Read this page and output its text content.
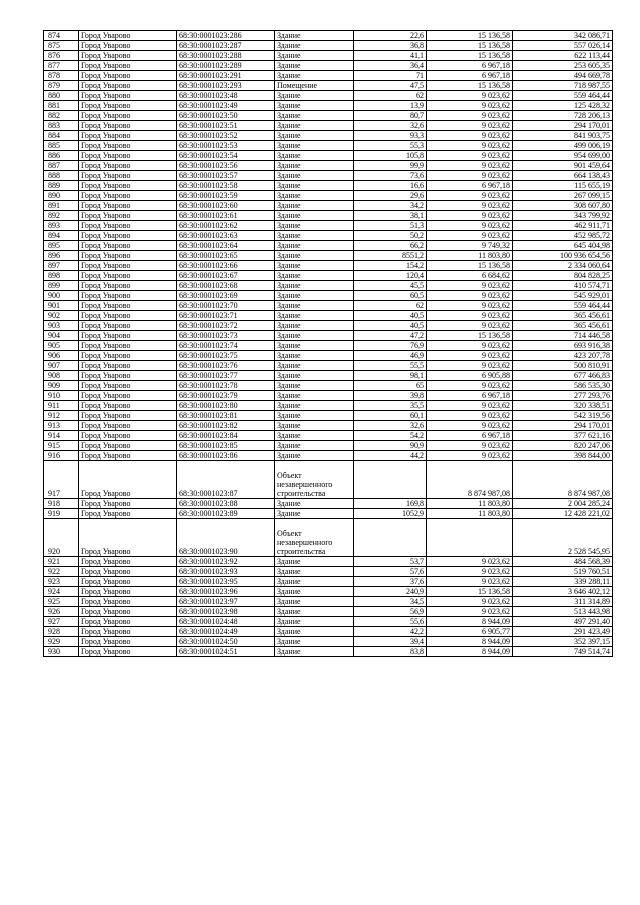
874	Город Уварово	68:30:0001023:286	Здание	22,6	15 136,58	342 086,71
875	Город Уварово	68:30:0001023:287	Здание	36,8	15 136,58	557 026,14
876	Город Уварово	68:30:0001023:288	Здание	41,1	15 136,58	622 113,44
877	Город Уварово	68:30:0001023:289	Здание	36,4	6 967,18	253 605,35
878	Город Уварово	68:30:0001023:291	Здание	71	6 967,18	494 669,78
879	Город Уварово	68:30:0001023:293	Помещение	47,5	15 136,58	718 987,55
880	Город Уварово	68:30:0001023:48	Здание	62	9 023,62	559 464,44
881	Город Уварово	68:30:0001023:49	Здание	13,9	9 023,62	125 428,32
882	Город Уварово	68:30:0001023:50	Здание	80,7	9 023,62	728 206,13
883	Город Уварово	68:30:0001023:51	Здание	32,6	9 023,62	294 170,01
884	Город Уварово	68:30:0001023:52	Здание	93,3	9 023,62	841 903,75
885	Город Уварово	68:30:0001023:53	Здание	55,3	9 023,62	499 006,19
886	Город Уварово	68:30:0001023:54	Здание	105,8	9 023,62	954 699,00
887	Город Уварово	68:30:0001023:56	Здание	99,9	9 023,62	901 459,64
888	Город Уварово	68:30:0001023:57	Здание	73,6	9 023,62	664 138,43
889	Город Уварово	68:30:0001023:58	Здание	16,6	6 967,18	115 655,19
890	Город Уварово	68:30:0001023:59	Здание	29,6	9 023,62	267 099,15
891	Город Уварово	68:30:0001023:60	Здание	34,2	9 023,62	308 607,80
892	Город Уварово	68:30:0001023:61	Здание	38,1	9 023,62	343 799,92
893	Город Уварово	68:30:0001023:62	Здание	51,3	9 023,62	462 911,71
894	Город Уварово	68:30:0001023:63	Здание	50,2	9 023,62	452 985,72
895	Город Уварово	68:30:0001023:64	Здание	66,2	9 749,32	645 404,98
896	Город Уварово	68:30:0001023:65	Здание	8551,2	11 803,80	100 936 654,56
897	Город Уварово	68:30:0001023:66	Здание	154,2	15 136,58	2 334 060,64
898	Город Уварово	68:30:0001023:67	Здание	120,4	6 684,62	804 828,25
899	Город Уварово	68:30:0001023:68	Здание	45,5	9 023,62	410 574,71
900	Город Уварово	68:30:0001023:69	Здание	60,5	9 023,62	545 929,01
901	Город Уварово	68:30:0001023:70	Здание	62	9 023,62	559 464,44
902	Город Уварово	68:30:0001023:71	Здание	40,5	9 023,62	365 456,61
903	Город Уварово	68:30:0001023:72	Здание	40,5	9 023,62	365 456,61
904	Город Уварово	68:30:0001023:73	Здание	47,2	15 136,58	714 446,58
905	Город Уварово	68:30:0001023:74	Здание	76,9	9 023,62	693 916,38
906	Город Уварово	68:30:0001023:75	Здание	46,9	9 023,62	423 207,78
907	Город Уварово	68:30:0001023:76	Здание	55,5	9 023,62	500 810,91
908	Город Уварово	68:30:0001023:77	Здание	98,1	6 905,88	677 466,83
909	Город Уварово	68:30:0001023:78	Здание	65	9 023,62	586 535,30
910	Город Уварово	68:30:0001023:79	Здание	39,8	6 967,18	277 293,76
911	Город Уварово	68:30:0001023:80	Здание	35,5	9 023,62	320 338,51
912	Город Уварово	68:30:0001023:81	Здание	60,1	9 023,62	542 319,56
913	Город Уварово	68:30:0001023:82	Здание	32,6	9 023,62	294 170,01
914	Город Уварово	68:30:0001023:84	Здание	54,2	6 967,18	377 621,16
915	Город Уварово	68:30:0001023:85	Здание	90,9	9 023,62	820 247,06
916	Город Уварово	68:30:0001023:86	Здание	44,2	9 023,62	398 844,00
917	Город Уварово	68:30:0001023:87	Объект незавершенного строительства		8 874 987,08	8 874 987,08
918	Город Уварово	68:30:0001023:88	Здание	169,8	11 803,80	2 004 285,24
919	Город Уварово	68:30:0001023:89	Здание	1052,9	11 803,80	12 428 221,02
920	Город Уварово	68:30:0001023:90	Объект незавершенного строительства			2 528 545,95
921	Город Уварово	68:30:0001023:92	Здание	53,7	9 023,62	484 568,39
922	Город Уварово	68:30:0001023:93	Здание	57,6	9 023,62	519 760,51
923	Город Уварово	68:30:0001023:95	Здание	37,6	9 023,62	339 288,11
924	Город Уварово	68:30:0001023:96	Здание	240,9	15 136,58	3 646 402,12
925	Город Уварово	68:30:0001023:97	Здание	34,5	9 023,62	311 314,89
926	Город Уварово	68:30:0001023:98	Здание	56,9	9 023,62	513 443,98
927	Город Уварово	68:30:0001024:48	Здание	55,6	8 944,09	497 291,40
928	Город Уварово	68:30:0001024:49	Здание	42,2	6 905,77	291 423,49
929	Город Уварово	68:30:0001024:50	Здание	39,4	8 944,09	352 397,15
930	Город Уварово	68:30:0001024:51	Здание	83,8	8 944,09	749 514,74
